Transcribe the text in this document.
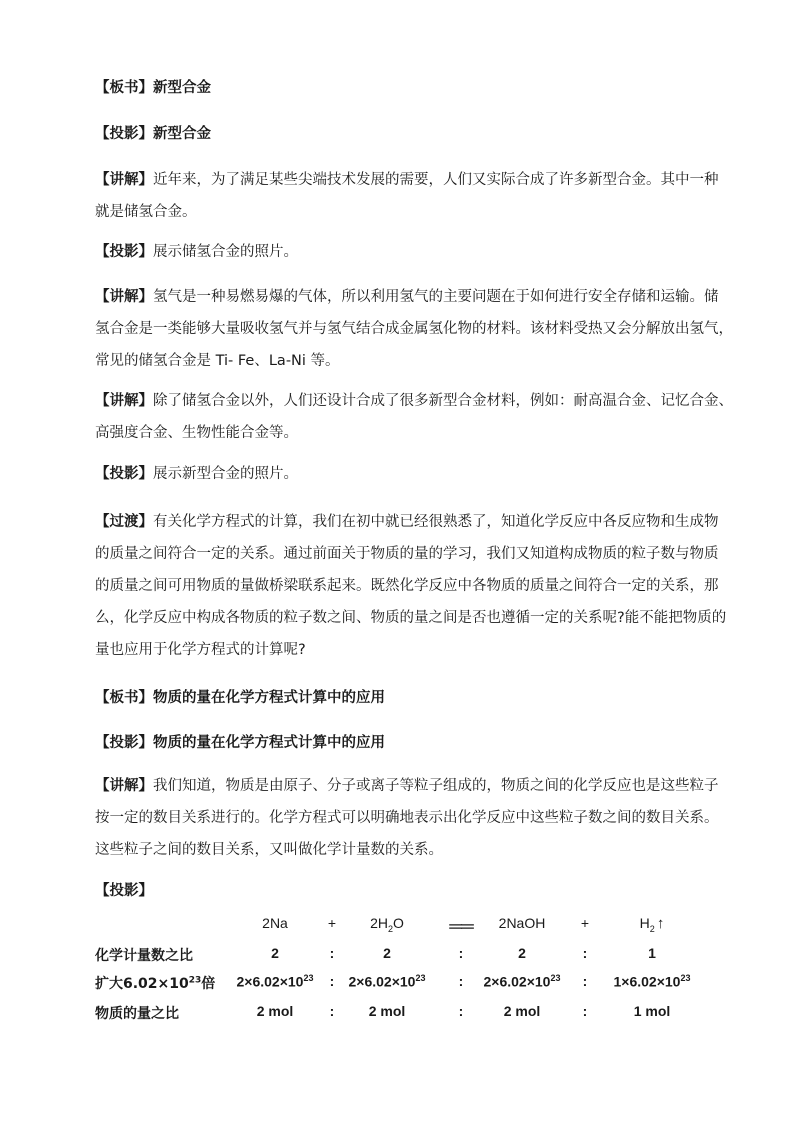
【板书】新型合金
【投影】新型合金
【讲解】近年来，为了满足某些尖端技术发展的需要，人们又实际合成了许多新型合金。其中一种
就是储氢合金。
【投影】展示储氢合金的照片。
【讲解】氢气是一种易燃易爆的气体，所以利用氢气的主要问题在于如何进行安全存储和运输。储
氢合金是一类能够大量吸收氢气并与氢气结合成金属氢化物的材料。该材料受热又会分解放出氢气，
常见的储氢合金是 Ti- Fe、La-Ni 等。
【讲解】除了储氢合金以外，人们还设计合成了很多新型合金材料，例如：耐高温合金、记忆合金、
高强度合金、生物性能合金等。
【投影】展示新型合金的照片。
【过渡】有关化学方程式的计算，我们在初中就已经很熟悉了，知道化学反应中各反应物和生成物
的质量之间符合一定的关系。通过前面关于物质的量的学习，我们又知道构成物质的粒子数与物质
的质量之间可用物质的量做桥梁联系起来。既然化学反应中各物质的质量之间符合一定的关系，那
么，化学反应中构成各物质的粒子数之间、物质的量之间是否也遵循一定的关系呢?能不能把物质的
量也应用于化学方程式的计算呢?
【板书】物质的量在化学方程式计算中的应用
【投影】物质的量在化学方程式计算中的应用
【讲解】我们知道，物质是由原子、分子或离子等粒子组成的，物质之间的化学反应也是这些粒子
按一定的数目关系进行的。化学方程式可以明确地表示出化学反应中这些粒子数之间的数目关系。
这些粒子之间的数目关系，又叫做化学计量数的关系。
【投影】
2Na	+ $2H_2O$	══ 2NaOH	+	$H_2$ ↑
化学计量数之比	2	:	2	:	2	:	1
扩大$6.02\times 10^{23}$倍 $2\times 6.02\times 10^{23}$ : $2\times 6.02\times 10^{23}$ : $2\times 6.02\times 10^{23}$ : $1\times 6.02\times 10^{23}$
物质的量之比	2 mol	: 2 mol	:	2 mol	:	1 mol
